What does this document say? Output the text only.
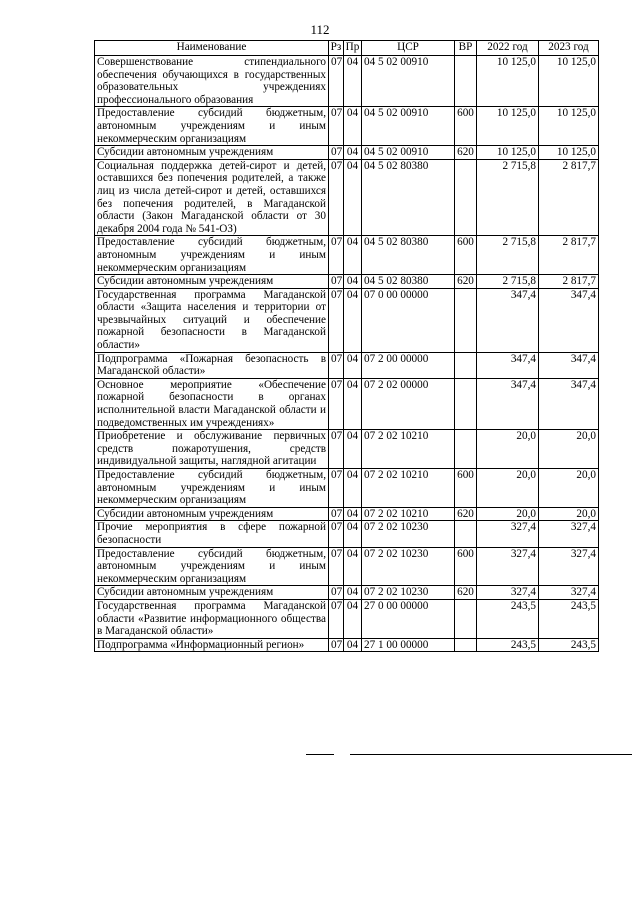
112
Наименование	Рз	Пр	ЦСР	ВР	2022 год	2023 год
Совершенствование стипендиального обеспечения обучающихся в государственных образовательных учреждениях профессионального образования	07	04	04 5 02 00910		10 125,0	10 125,0
Предоставление субсидий бюджетным, автономным учреждениям и иным некоммерческим организациям	07	04	04 5 02 00910	600	10 125,0	10 125,0
Субсидии автономным учреждениям	07	04	04 5 02 00910	620	10 125,0	10 125,0
Социальная поддержка детей-сирот и детей, оставшихся без попечения родителей, а также лиц из числа детей-сирот и детей, оставшихся без попечения родителей, в Магаданской области (Закон Магаданской области от 30 декабря 2004 года № 541-ОЗ)	07	04	04 5 02 80380		2 715,8	2 817,7
Предоставление субсидий бюджетным, автономным учреждениям и иным некоммерческим организациям	07	04	04 5 02 80380	600	2 715,8	2 817,7
Субсидии автономным учреждениям	07	04	04 5 02 80380	620	2 715,8	2 817,7
Государственная программа Магаданской области «Защита населения и территории от чрезвычайных ситуаций и обеспечение пожарной безопасности в Магаданской области»	07	04	07 0 00 00000		347,4	347,4
Подпрограмма «Пожарная безопасность в Магаданской области»	07	04	07 2 00 00000		347,4	347,4
Основное мероприятие «Обеспечение пожарной безопасности в органах исполнительной власти Магаданской области и подведомственных им учреждениях»	07	04	07 2 02 00000		347,4	347,4
Приобретение и обслуживание первичных средств пожаротушения, средств индивидуальной защиты, наглядной агитации	07	04	07 2 02 10210		20,0	20,0
Предоставление субсидий бюджетным, автономным учреждениям и иным некоммерческим организациям	07	04	07 2 02 10210	600	20,0	20,0
Субсидии автономным учреждениям	07	04	07 2 02 10210	620	20,0	20,0
Прочие мероприятия в сфере пожарной безопасности	07	04	07 2 02 10230		327,4	327,4
Предоставление субсидий бюджетным, автономным учреждениям и иным некоммерческим организациям	07	04	07 2 02 10230	600	327,4	327,4
Субсидии автономным учреждениям	07	04	07 2 02 10230	620	327,4	327,4
Государственная программа Магаданской области «Развитие информационного общества в Магаданской области»	07	04	27 0 00 00000		243,5	243,5
Подпрограмма «Информационный регион»	07	04	27 1 00 00000		243,5	243,5
